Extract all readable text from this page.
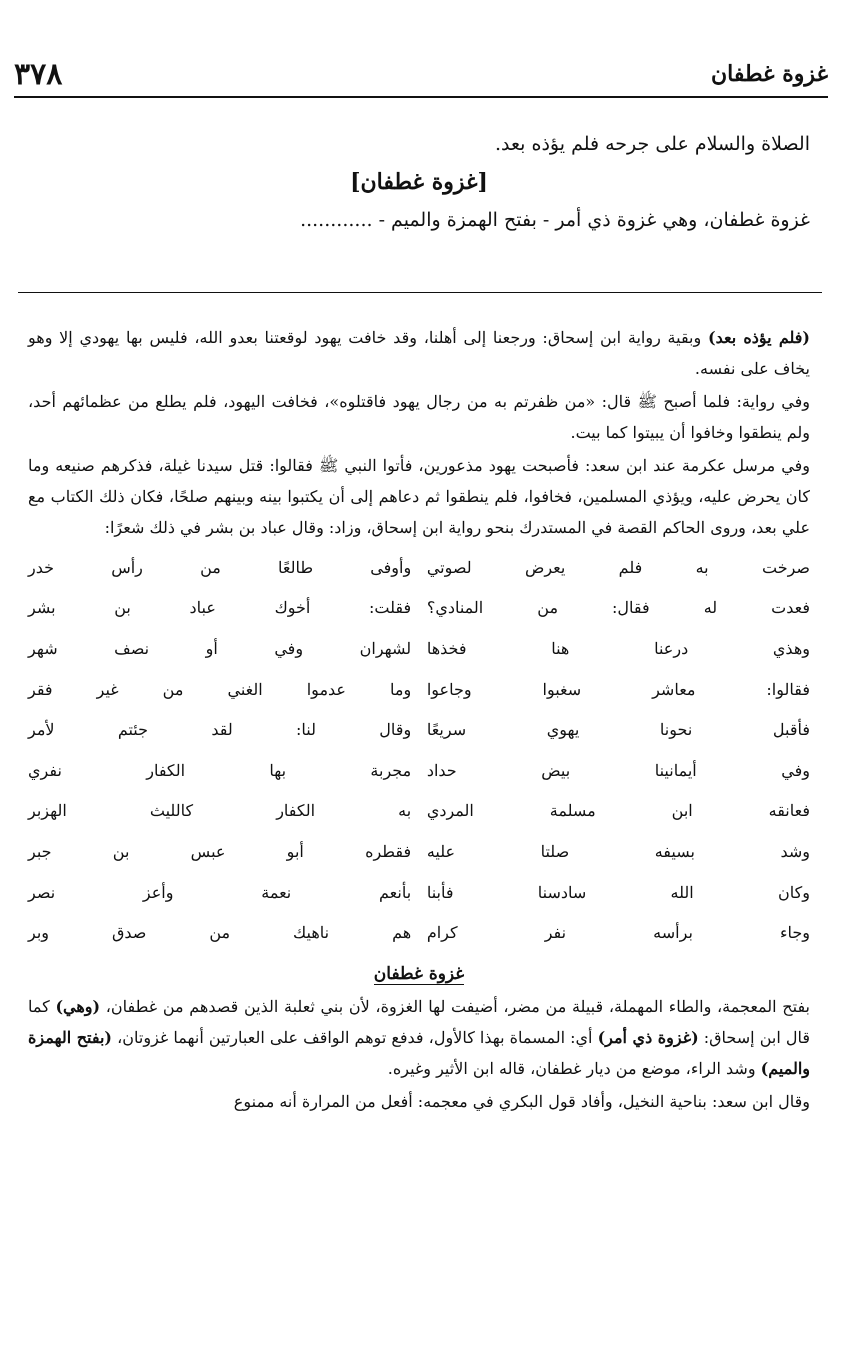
غزوة غطفان
٣٧٨
الصلاة والسلام على جرحه فلم يؤذه بعد.
[غزوة غطفان]
غزوة غطفان، وهي غزوة ذي أمر - بفتح الهمزة والميم - ............

(فلم يؤذه بعد) وبقية رواية ابن إسحاق: ورجعنا إلى أهلنا، وقد خافت يهود لوقعتنا بعدو الله، فليس بها يهودي إلا وهو يخاف على نفسه.

وفي رواية: فلما أصبح ﷺ قال: «من ظفرتم به من رجال يهود فاقتلوه»، فخافت اليهود، فلم يطلع من عظمائهم أحد، ولم ينطقوا وخافوا أن يبيتوا كما بيت.

وفي مرسل عكرمة عند ابن سعد: فأصبحت يهود مذعورين، فأتوا النبي ﷺ فقالوا: قتل سيدنا غيلة، فذكرهم صنيعه وما كان يحرض عليه، ويؤذي المسلمين، فخافوا، فلم ينطقوا ثم دعاهم إلى أن يكتبوا بينه وبينهم صلحًا، فكان ذلك الكتاب مع علي بعد، وروى الحاكم القصة في المستدرك بنحو رواية ابن إسحاق، وزاد: وقال عباد بن بشر في ذلك شعرًا:

صرخت به فلم يعرض لصوتي
وأوفى طالعًا من رأس خدر
فعدت له فقال: من المنادي؟
فقلت: أخوك عباد بن بشر
وهذي درعنا هنا فخذها
لشهران وفي أو نصف شهر
فقالوا: معاشر سغبوا وجاعوا
وما عدموا الغني من غير فقر
فأقبل نحونا يهوي سريعًا
وقال لنا: لقد جئتم لأمر
وفي أيمانينا بيض حداد
مجربة بها الكفار نفري
فعانقه ابن مسلمة المردي
به الكفار كالليث الهزبر
وشد بسيفه صلتا عليه
فقطره أبو عبس بن جبر
وكان الله سادسنا فأبنا
بأنعم نعمة وأعز نصر
وجاء برأسه نفر كرام
هم ناهيك من صدق وبر
غزوة غطفان

بفتح المعجمة، والطاء المهملة، قبيلة من مضر، أضيفت لها الغزوة، لأن بني ثعلبة الذين قصدهم من غطفان، (وهي) كما قال ابن إسحاق: (غزوة ذي أمر) أي: المسماة بهذا كالأول، فدفع توهم الواقف على العبارتين أنهما غزوتان، (بفتح الهمزة والميم) وشد الراء، موضع من ديار غطفان، قاله ابن الأثير وغيره.

وقال ابن سعد: بناحية النخيل، وأفاد قول البكري في معجمه: أفعل من المرارة أنه ممنوع
